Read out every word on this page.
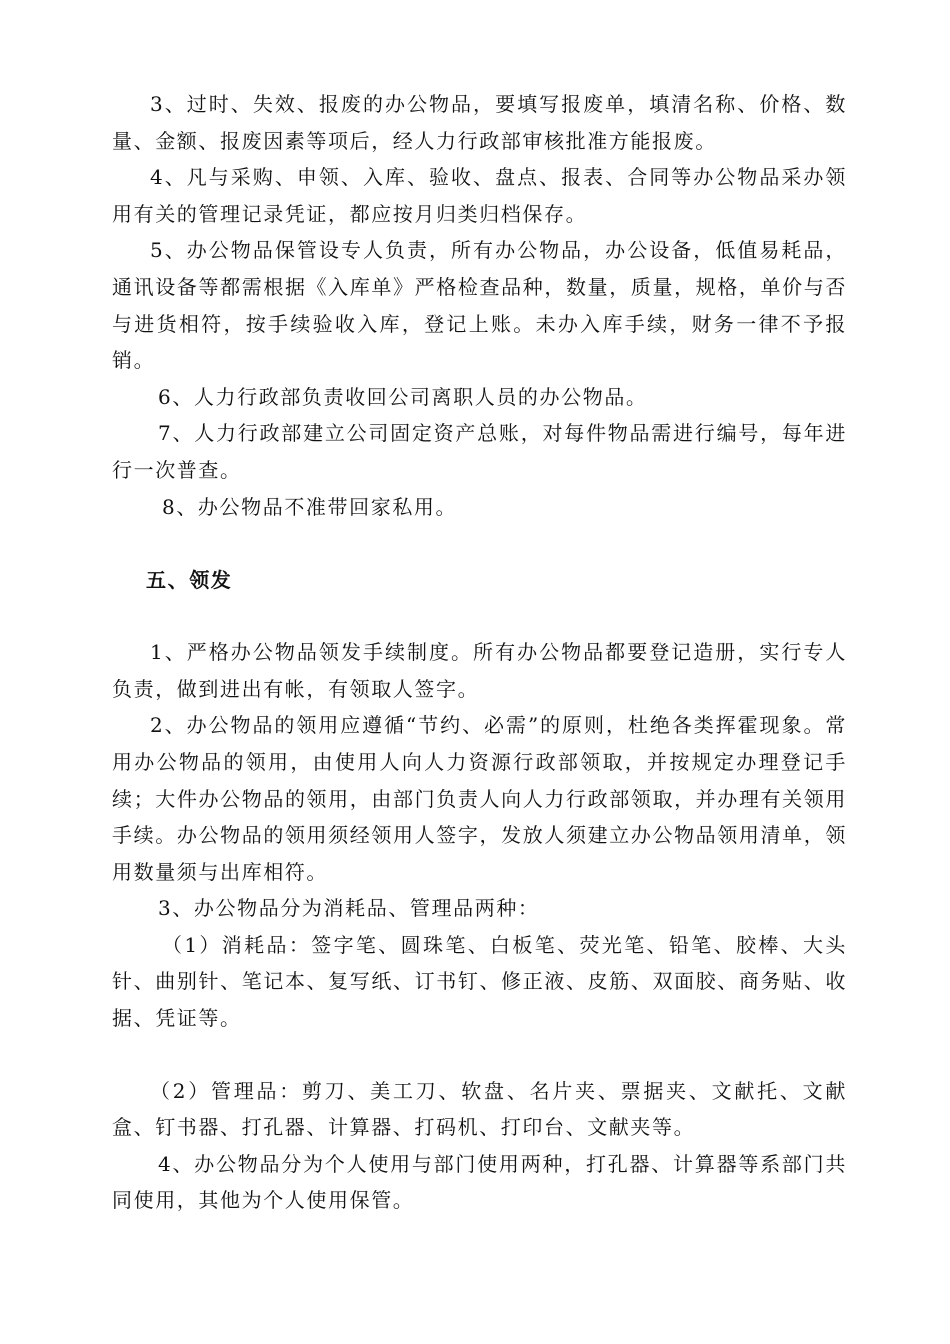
3、过时、失效、报废的办公物品，要填写报废单，填清名称、价格、数量、金额、报废因素等项后，经人力行政部审核批准方能报废。

4、凡与采购、申领、入库、验收、盘点、报表、合同等办公物品采办领用有关的管理记录凭证，都应按月归类归档保存。

5、办公物品保管设专人负责，所有办公物品，办公设备，低值易耗品，通讯设备等都需根据《入库单》严格检查品种，数量，质量，规格，单价与否与进货相符，按手续验收入库，登记上账。未办入库手续，财务一律不予报销。

6、人力行政部负责收回公司离职人员的办公物品。

7、人力行政部建立公司固定资产总账，对每件物品需进行编号，每年进行一次普查。

8、办公物品不准带回家私用。

五、领发

1、严格办公物品领发手续制度。所有办公物品都要登记造册，实行专人负责，做到进出有帐，有领取人签字。

2、办公物品的领用应遵循“节约、必需”的原则，杜绝各类挥霍现象。常用办公物品的领用，由使用人向人力资源行政部领取，并按规定办理登记手续；大件办公物品的领用，由部门负责人向人力行政部领取，并办理有关领用手续。办公物品的领用须经领用人签字，发放人须建立办公物品领用清单，领用数量须与出库相符。

3、办公物品分为消耗品、管理品两种：

（1）消耗品：签字笔、圆珠笔、白板笔、荧光笔、铅笔、胶棒、大头针、曲别针、笔记本、复写纸、订书钉、修正液、皮筋、双面胶、商务贴、收据、凭证等。

（2）管理品：剪刀、美工刀、软盘、名片夹、票据夹、文献托、文献盒、钉书器、打孔器、计算器、打码机、打印台、文献夹等。

4、办公物品分为个人使用与部门使用两种，打孔器、计算器等系部门共同使用，其他为个人使用保管。
